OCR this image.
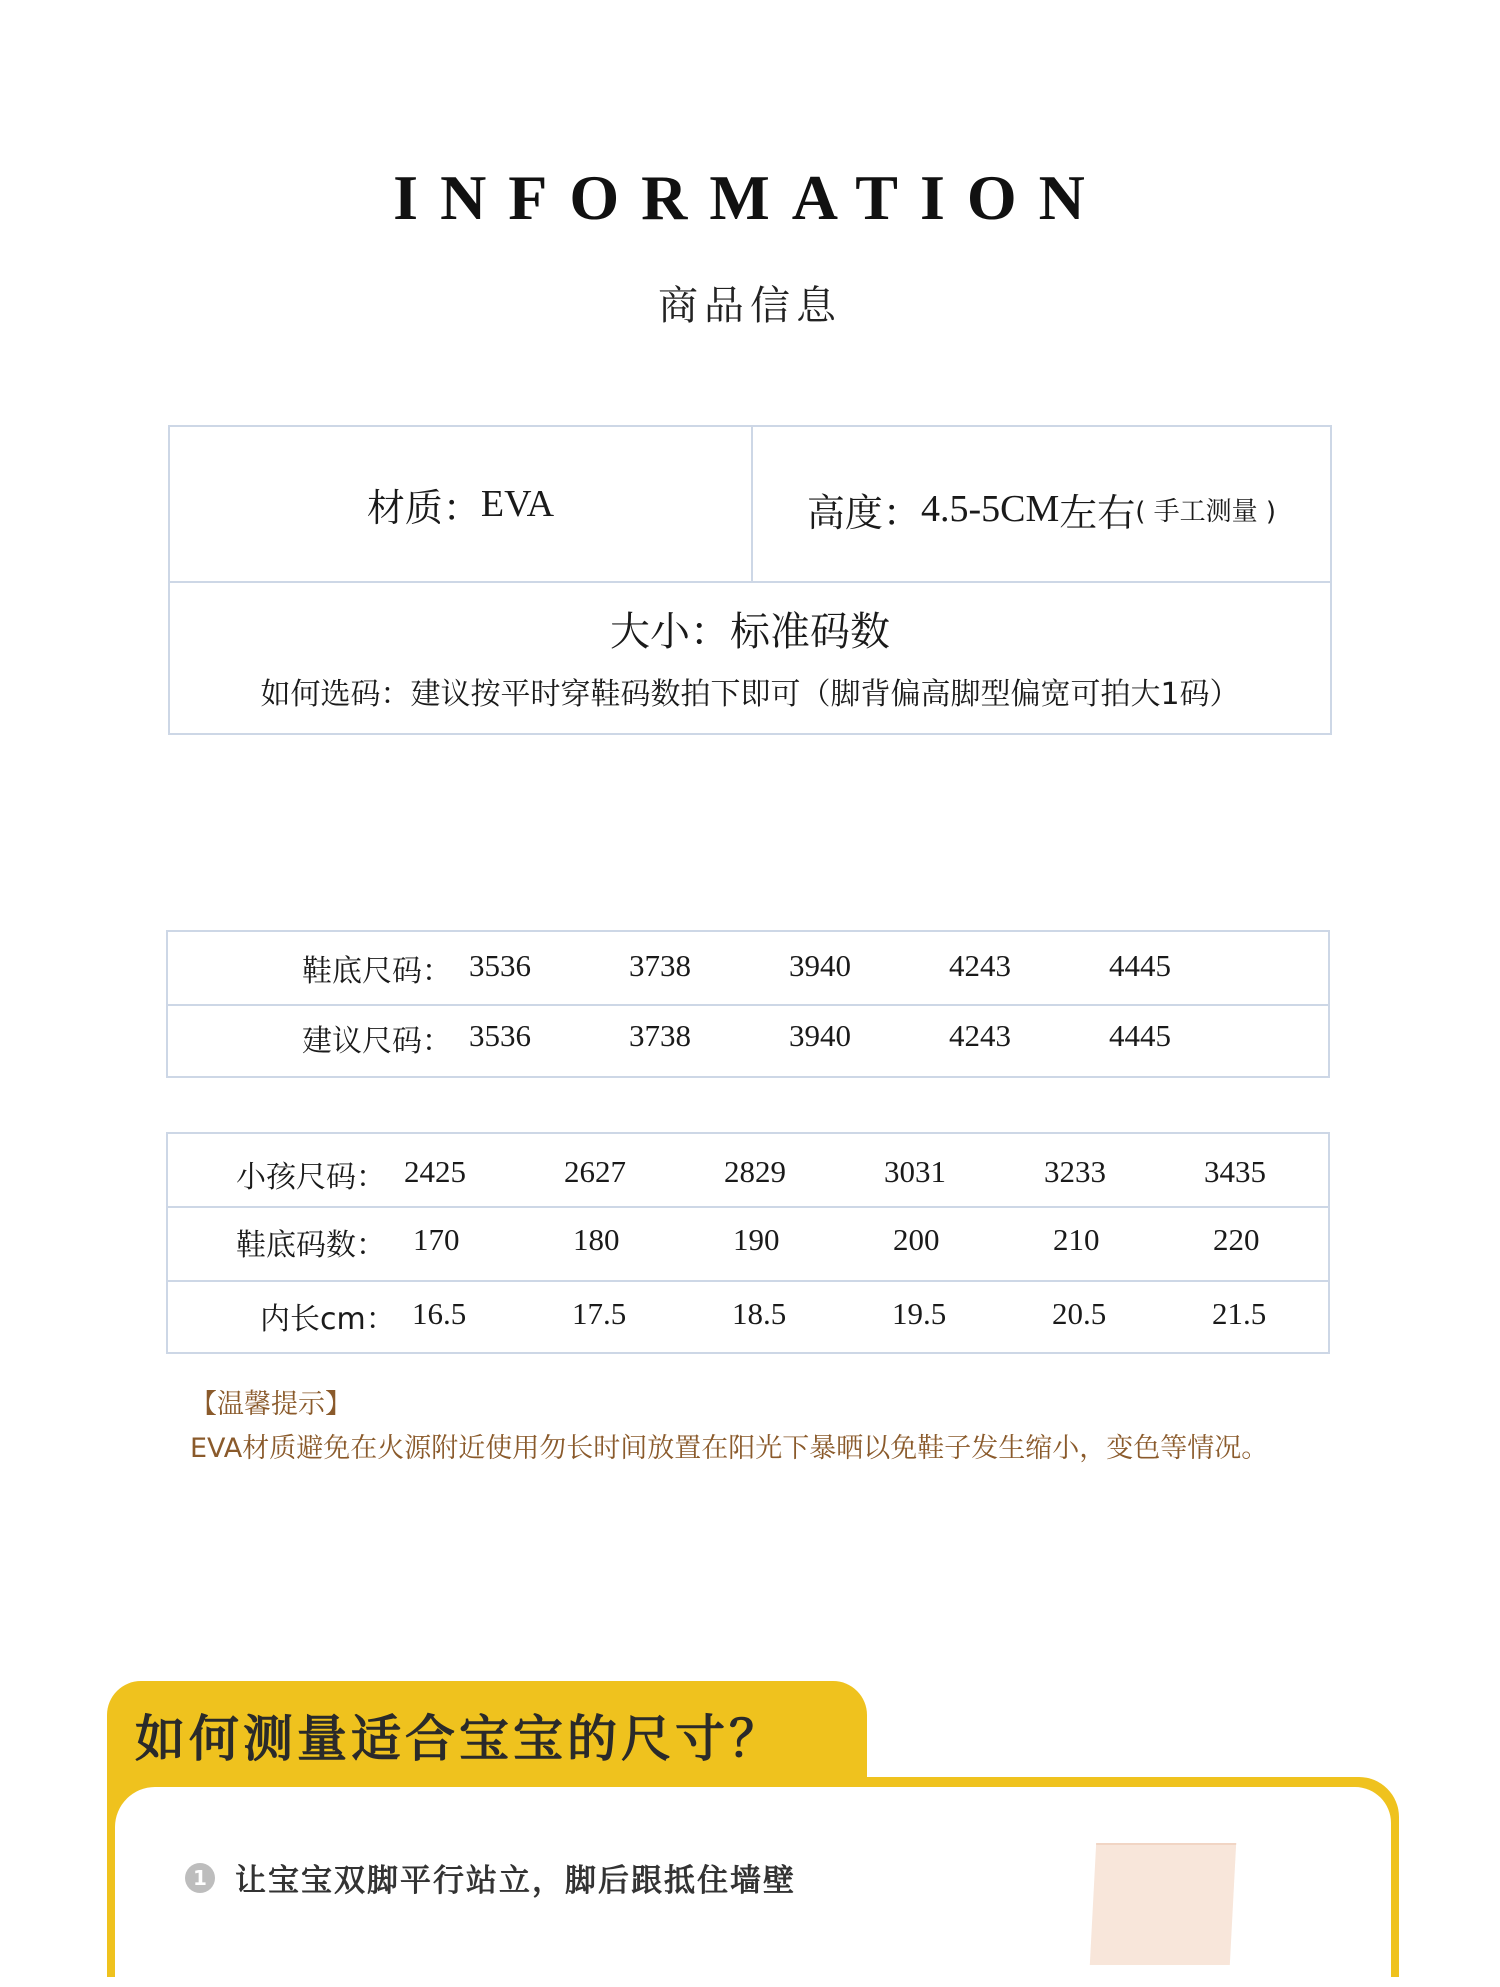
INFORMATION
商品信息
材质： EVA	高度： 4.5-5CM 左右 ( 手工测量 )
大小：标准码数
如何选码：建议按平时穿鞋码数拍下即可（脚背偏高脚型偏宽可拍大1码）
鞋底尺码： 3536	3738	3940	4243	4445
建议尺码： 3536	3738	3940	4243	4445
小孩尺码： 2425	2627	2829	3031	3233	3435
鞋底码数： 170	180	190	200	210	220
内长cm： 16.5	17.5	18.5	19.5	20.5	21.5
【温馨提示】
EVA材质避免在火源附近使用勿长时间放置在阳光下暴晒以免鞋子发生缩小，变色等情况。
1 让宝宝双脚平行站立，脚后跟抵住墙壁
如何测量适合宝宝的尺寸？
